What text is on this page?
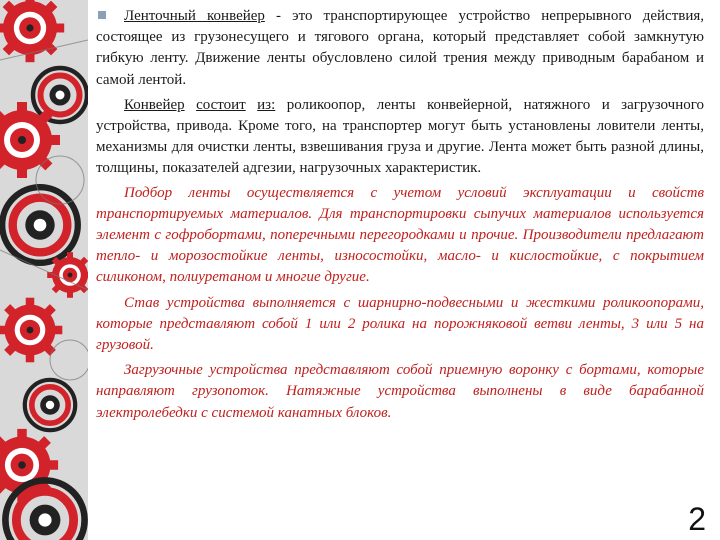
Ленточный конвейер - это транспортирующее устройство непрерывного действия, состоящее из грузонесущего и тягового органа, который представляет собой замкнутую гибкую ленту. Движение ленты обусловлено силой трения между приводным барабаном и самой лентой.

Конвейер состоит из: роликоопор, ленты конвейерной, натяжного и загрузочного устройства, привода. Кроме того, на транспортер могут быть установлены ловители ленты, механизмы для очистки ленты, взвешивания груза и другие. Лента может быть разной длины, толщины, показателей адгезии, нагрузочных характеристик.

Подбор ленты осуществляется с учетом условий эксплуатации и свойств транспортируемых материалов. Для транспортировки сыпучих материалов используется элемент с гофробортами, поперечными перегородками и прочие. Производители предлагают тепло- и морозостойкие ленты, износостойки, масло- и кислостойкие, с покрытием силиконом, полиуретаном и многие другие.

Став устройства выполняется с шарнирно-подвесными и жесткими роликоопорами, которые представляют собой 1 или 2 ролика на порожняковой ветви ленты, 3 или 5 на грузовой.

Загрузочные устройства представляют собой приемную воронку с бортами, которые направляют грузопоток. Натяжные устройства выполнены в виде барабанной электролебедки с системой канатных блоков.

2
